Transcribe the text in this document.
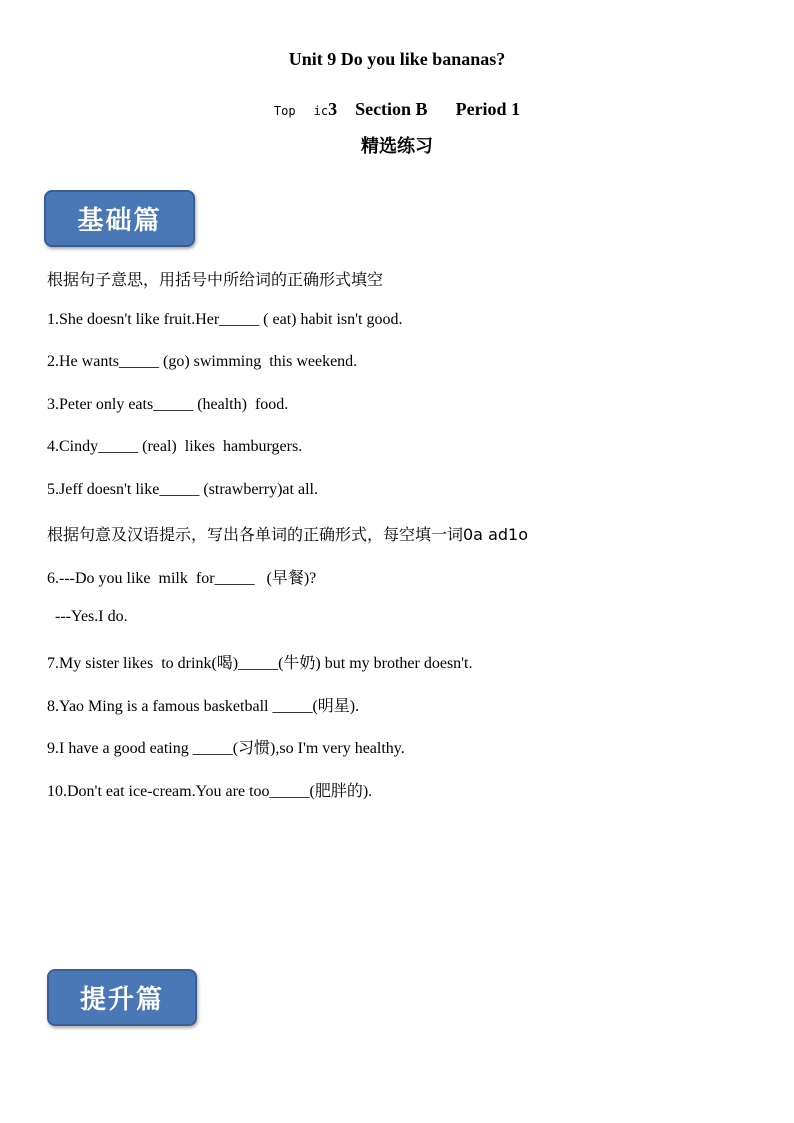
Unit 9 Do you like bananas?
Top ic3 Section B Period 1
精选练习
基础篇
根据句子意思，用括号中所给词的正确形式填空
1.She doesn't like fruit.Her_____ ( eat) habit isn't good.
2.He wants_____ (go) swimming  this weekend.
3.Peter only eats_____ (health)  food.
4.Cindy_____ (real)  likes  hamburgers.
5.Jeff doesn't like_____ (strawberry)at all.
根据句意及汉语提示，写出各单词的正确形式，每空填一词0a ad1o
6.---Do you like  milk  for_____   (早餐)?
---Yes.I do.
7.My sister likes  to drink(喝)_____(牛奶) but my brother doesn't.
8.Yao Ming is a famous basketball _____(明星).
9.I have a good eating _____(习惯),so I'm very healthy.
10.Don't eat ice-cream.You are too_____(肥胖的).
提升篇
